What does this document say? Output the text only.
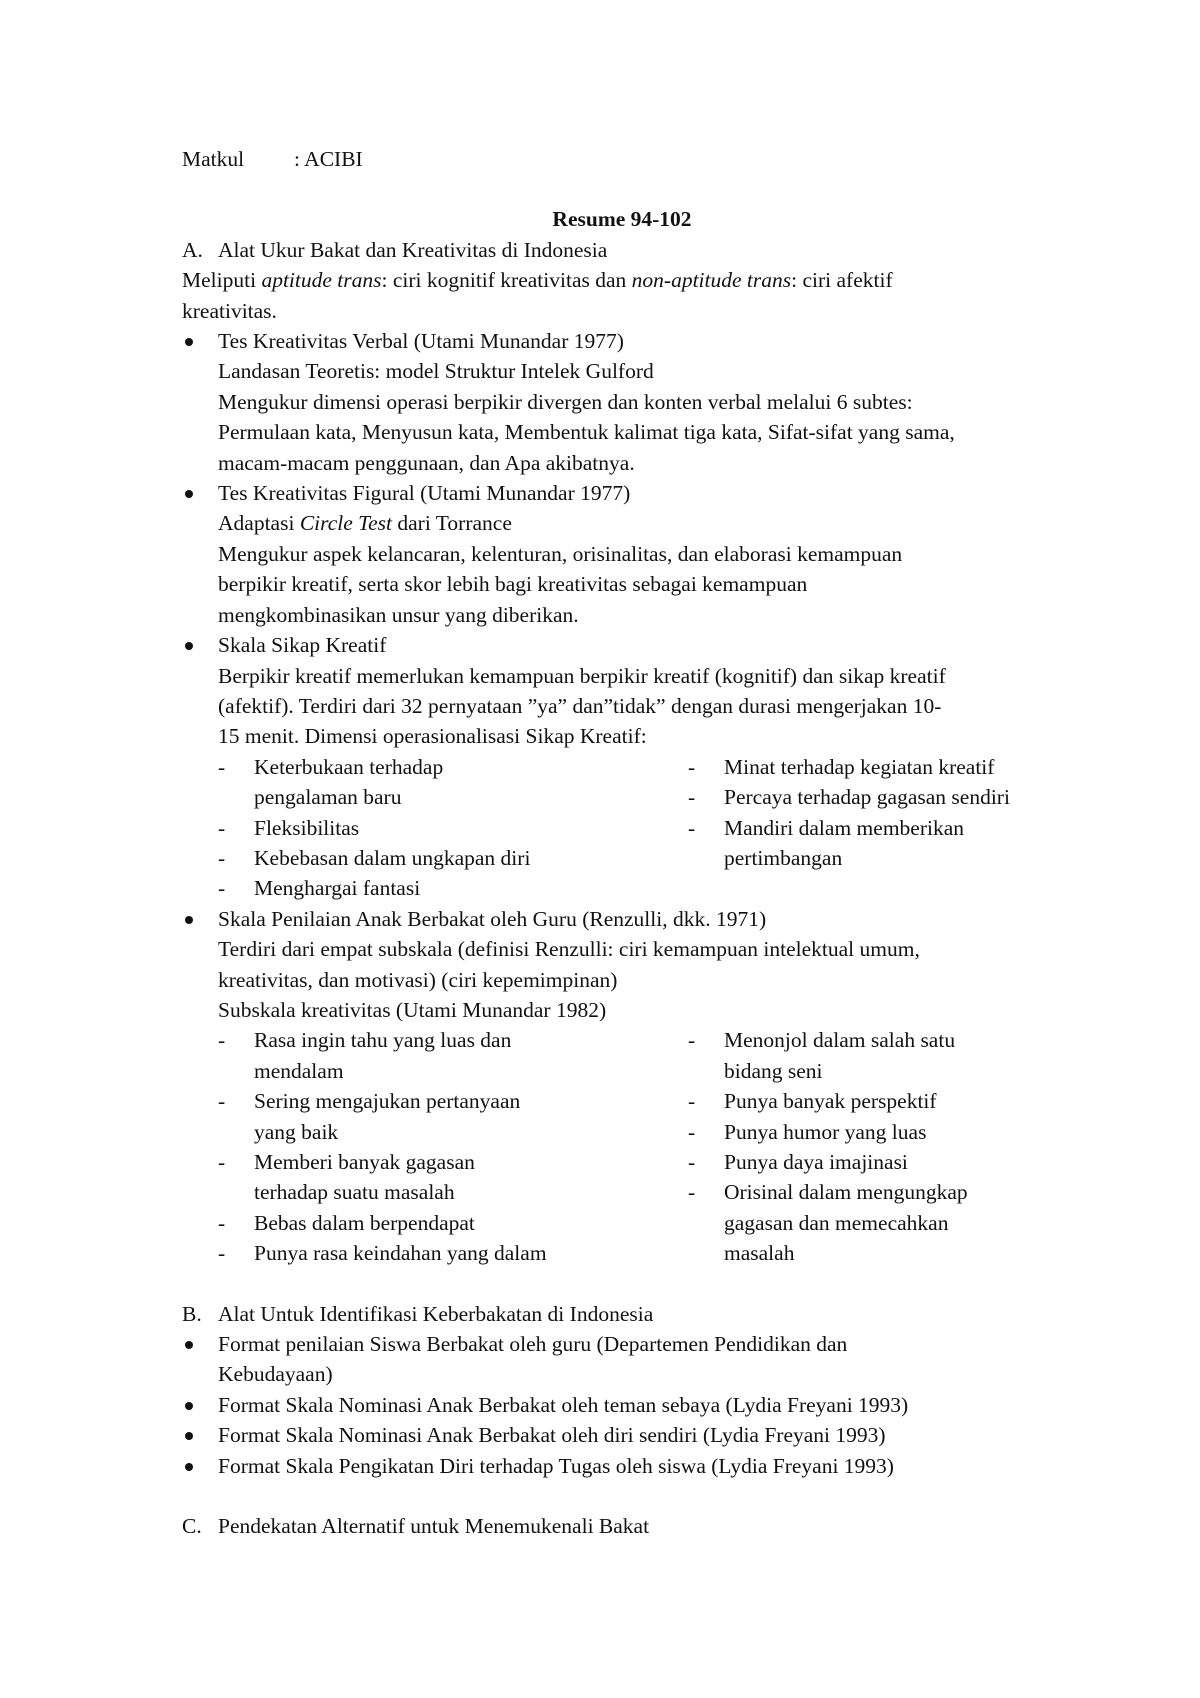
Matkul : ACIBI
Resume 94-102
A. Alat Ukur Bakat dan Kreativitas di Indonesia
Meliputi aptitude trans: ciri kognitif kreativitas dan non-aptitude trans: ciri afektif
kreativitas.
Tes Kreativitas Verbal (Utami Munandar 1977)
Landasan Teoretis: model Struktur Intelek Gulford
Mengukur dimensi operasi berpikir divergen dan konten verbal melalui 6 subtes:
Permulaan kata, Menyusun kata, Membentuk kalimat tiga kata, Sifat-sifat yang sama,
macam-macam penggunaan, dan Apa akibatnya.
Tes Kreativitas Figural (Utami Munandar 1977)
Adaptasi Circle Test dari Torrance
Mengukur aspek kelancaran, kelenturan, orisinalitas, dan elaborasi kemampuan
berpikir kreatif, serta skor lebih bagi kreativitas sebagai kemampuan
mengkombinasikan unsur yang diberikan.
Skala Sikap Kreatif
Berpikir kreatif memerlukan kemampuan berpikir kreatif (kognitif) dan sikap kreatif
(afektif). Terdiri dari 32 pernyataan ”ya” dan”tidak” dengan durasi mengerjakan 10-
15 menit. Dimensi operasionalisasi Sikap Kreatif:
- Keterbukaan terhadap
pengalaman baru
- Fleksibilitas
- Kebebasan dalam ungkapan diri
- Menghargai fantasi
- Minat terhadap kegiatan kreatif
- Percaya terhadap gagasan sendiri
- Mandiri dalam memberikan
pertimbangan
Skala Penilaian Anak Berbakat oleh Guru (Renzulli, dkk. 1971)
Terdiri dari empat subskala (definisi Renzulli: ciri kemampuan intelektual umum,
kreativitas, dan motivasi) (ciri kepemimpinan)
Subskala kreativitas (Utami Munandar 1982)
- Rasa ingin tahu yang luas dan
mendalam
- Sering mengajukan pertanyaan
yang baik
- Memberi banyak gagasan
terhadap suatu masalah
- Bebas dalam berpendapat
- Punya rasa keindahan yang dalam
- Menonjol dalam salah satu
bidang seni
- Punya banyak perspektif
- Punya humor yang luas
- Punya daya imajinasi
- Orisinal dalam mengungkap
gagasan dan memecahkan
masalah
B. Alat Untuk Identifikasi Keberbakatan di Indonesia
Format penilaian Siswa Berbakat oleh guru (Departemen Pendidikan dan
Kebudayaan)
Format Skala Nominasi Anak Berbakat oleh teman sebaya (Lydia Freyani 1993)
Format Skala Nominasi Anak Berbakat oleh diri sendiri (Lydia Freyani 1993)
Format Skala Pengikatan Diri terhadap Tugas oleh siswa (Lydia Freyani 1993)
C. Pendekatan Alternatif untuk Menemukenali Bakat
